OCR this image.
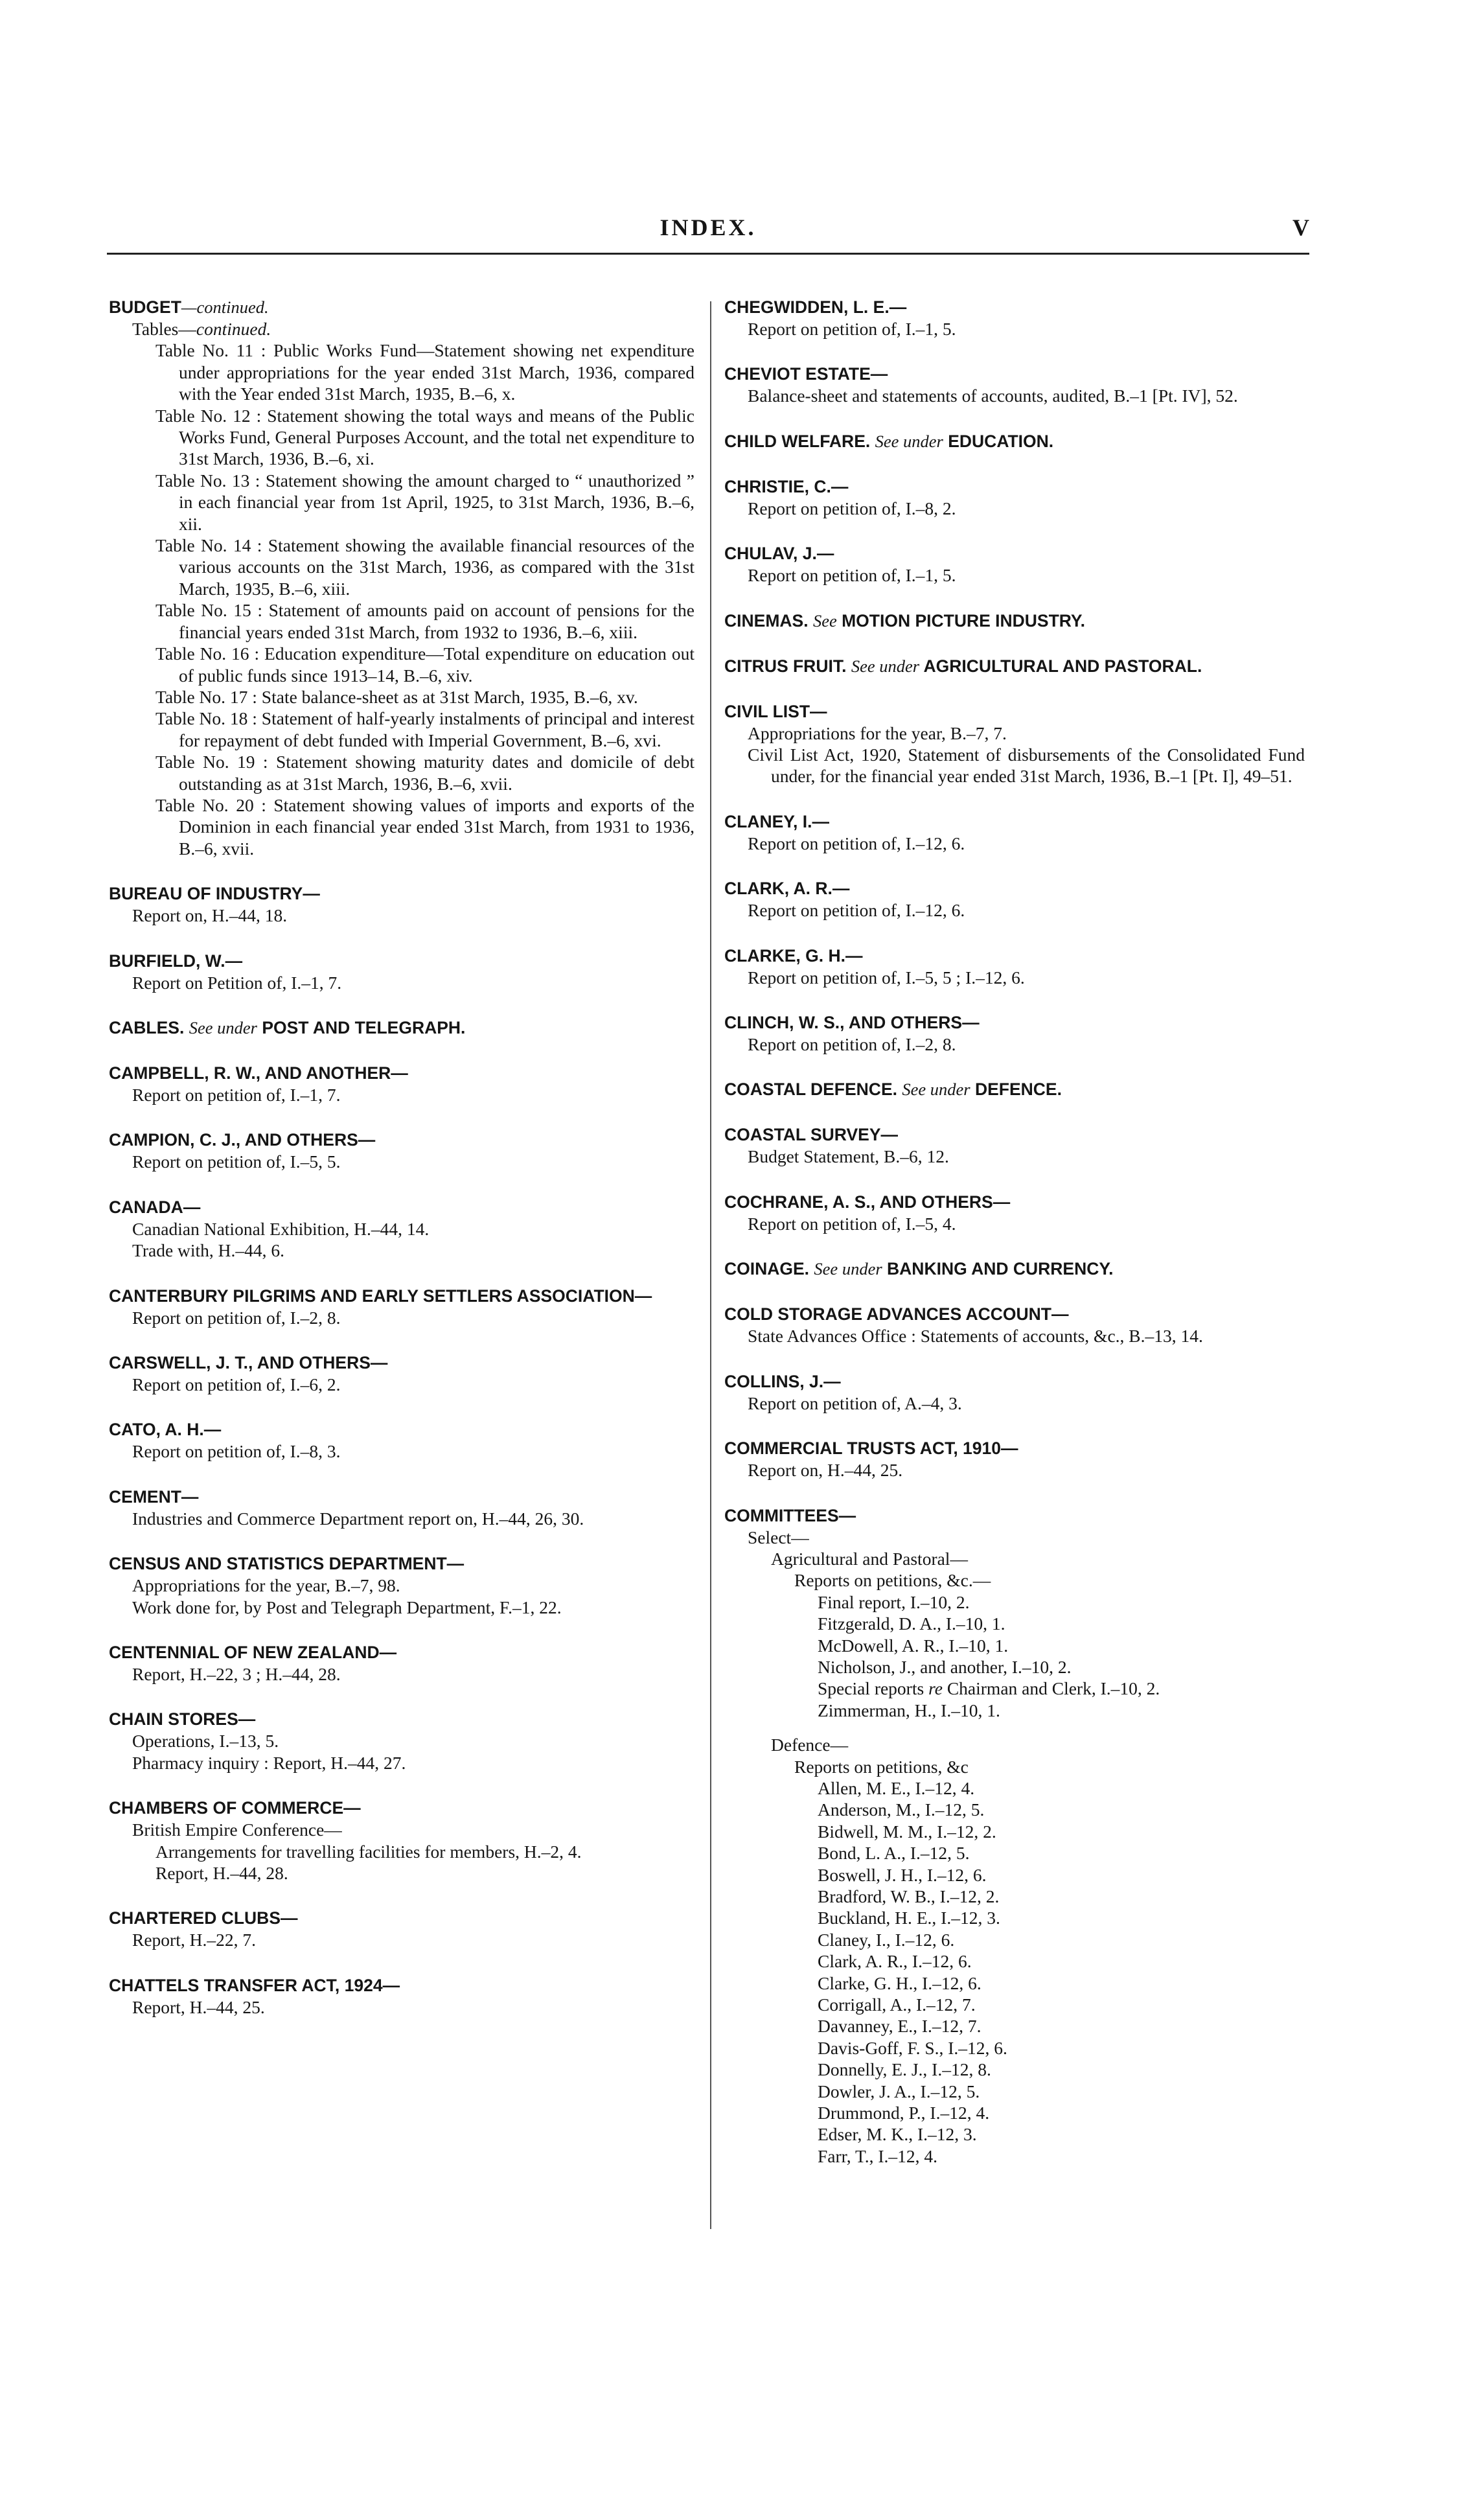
INDEX.	V
BUDGET—continued.
Tables—continued.
Table No. 11 : Public Works Fund—Statement showing net expenditure under appropriations for the year ended 31st March, 1936, compared with the Year ended 31st March, 1935, B.–6, x.
Table No. 12 : Statement showing the total ways and means of the Public Works Fund, General Purposes Account, and the total net expenditure to 31st March, 1936, B.–6, xi.
Table No. 13 : Statement showing the amount charged to “ unauthorized ” in each financial year from 1st April, 1925, to 31st March, 1936, B.–6, xii.
Table No. 14 : Statement showing the available financial resources of the various accounts on the 31st March, 1936, as compared with the 31st March, 1935, B.–6, xiii.
Table No. 15 : Statement of amounts paid on account of pensions for the financial years ended 31st March, from 1932 to 1936, B.–6, xiii.
Table No. 16 : Education expenditure—Total expenditure on education out of public funds since 1913–14, B.–6, xiv.
Table No. 17 : State balance-sheet as at 31st March, 1935, B.–6, xv.
Table No. 18 : Statement of half-yearly instalments of principal and interest for repayment of debt funded with Imperial Government, B.–6, xvi.
Table No. 19 : Statement showing maturity dates and domicile of debt outstanding as at 31st March, 1936, B.–6, xvii.
Table No. 20 : Statement showing values of imports and exports of the Dominion in each financial year ended 31st March, from 1931 to 1936, B.–6, xvii.
BUREAU OF INDUSTRY—
Report on, H.–44, 18.
BURFIELD, W.—
Report on Petition of, I.–1, 7.
CABLES. See under POST AND TELEGRAPH.
CAMPBELL, R. W., AND ANOTHER—
Report on petition of, I.–1, 7.
CAMPION, C. J., AND OTHERS—
Report on petition of, I.–5, 5.
CANADA—
Canadian National Exhibition, H.–44, 14.
Trade with, H.–44, 6.
CANTERBURY PILGRIMS AND EARLY SETTLERS ASSOCIATION—
Report on petition of, I.–2, 8.
CARSWELL, J. T., AND OTHERS—
Report on petition of, I.–6, 2.
CATO, A. H.—
Report on petition of, I.–8, 3.
CEMENT—
Industries and Commerce Department report on, H.–44, 26, 30.
CENSUS AND STATISTICS DEPARTMENT—
Appropriations for the year, B.–7, 98.
Work done for, by Post and Telegraph Department, F.–1, 22.
CENTENNIAL OF NEW ZEALAND—
Report, H.–22, 3 ; H.–44, 28.
CHAIN STORES—
Operations, I.–13, 5.
Pharmacy inquiry : Report, H.–44, 27.
CHAMBERS OF COMMERCE—
British Empire Conference—
Arrangements for travelling facilities for members, H.–2, 4.
Report, H.–44, 28.
CHARTERED CLUBS—
Report, H.–22, 7.
CHATTELS TRANSFER ACT, 1924—
Report, H.–44, 25.
CHEGWIDDEN, L. E.—
Report on petition of, I.–1, 5.
CHEVIOT ESTATE—
Balance-sheet and statements of accounts, audited, B.–1 [Pt. IV], 52.
CHILD WELFARE. See under EDUCATION.
CHRISTIE, C.—
Report on petition of, I.–8, 2.
CHULAV, J.—
Report on petition of, I.–1, 5.
CINEMAS. See MOTION PICTURE INDUSTRY.
CITRUS FRUIT. See under AGRICULTURAL AND PASTORAL.
CIVIL LIST—
Appropriations for the year, B.–7, 7.
Civil List Act, 1920, Statement of disbursements of the Consolidated Fund under, for the financial year ended 31st March, 1936, B.–1 [Pt. I], 49–51.
CLANEY, I.—
Report on petition of, I.–12, 6.
CLARK, A. R.—
Report on petition of, I.–12, 6.
CLARKE, G. H.—
Report on petition of, I.–5, 5 ; I.–12, 6.
CLINCH, W. S., AND OTHERS—
Report on petition of, I.–2, 8.
COASTAL DEFENCE. See under DEFENCE.
COASTAL SURVEY—
Budget Statement, B.–6, 12.
COCHRANE, A. S., AND OTHERS—
Report on petition of, I.–5, 4.
COINAGE. See under BANKING AND CURRENCY.
COLD STORAGE ADVANCES ACCOUNT—
State Advances Office : Statements of accounts, &c., B.–13, 14.
COLLINS, J.—
Report on petition of, A.–4, 3.
COMMERCIAL TRUSTS ACT, 1910—
Report on, H.–44, 25.
COMMITTEES—
Select—
Agricultural and Pastoral—
Reports on petitions, &c.—
Final report, I.–10, 2.
Fitzgerald, D. A., I.–10, 1.
McDowell, A. R., I.–10, 1.
Nicholson, J., and another, I.–10, 2.
Special reports re Chairman and Clerk, I.–10, 2.
Zimmerman, H., I.–10, 1.
Defence—
Reports on petitions, &c
Allen, M. E., I.–12, 4.
Anderson, M., I.–12, 5.
Bidwell, M. M., I.–12, 2.
Bond, L. A., I.–12, 5.
Boswell, J. H., I.–12, 6.
Bradford, W. B., I.–12, 2.
Buckland, H. E., I.–12, 3.
Claney, I., I.–12, 6.
Clark, A. R., I.–12, 6.
Clarke, G. H., I.–12, 6.
Corrigall, A., I.–12, 7.
Davanney, E., I.–12, 7.
Davis-Goff, F. S., I.–12, 6.
Donnelly, E. J., I.–12, 8.
Dowler, J. A., I.–12, 5.
Drummond, P., I.–12, 4.
Edser, M. K., I.–12, 3.
Farr, T., I.–12, 4.
